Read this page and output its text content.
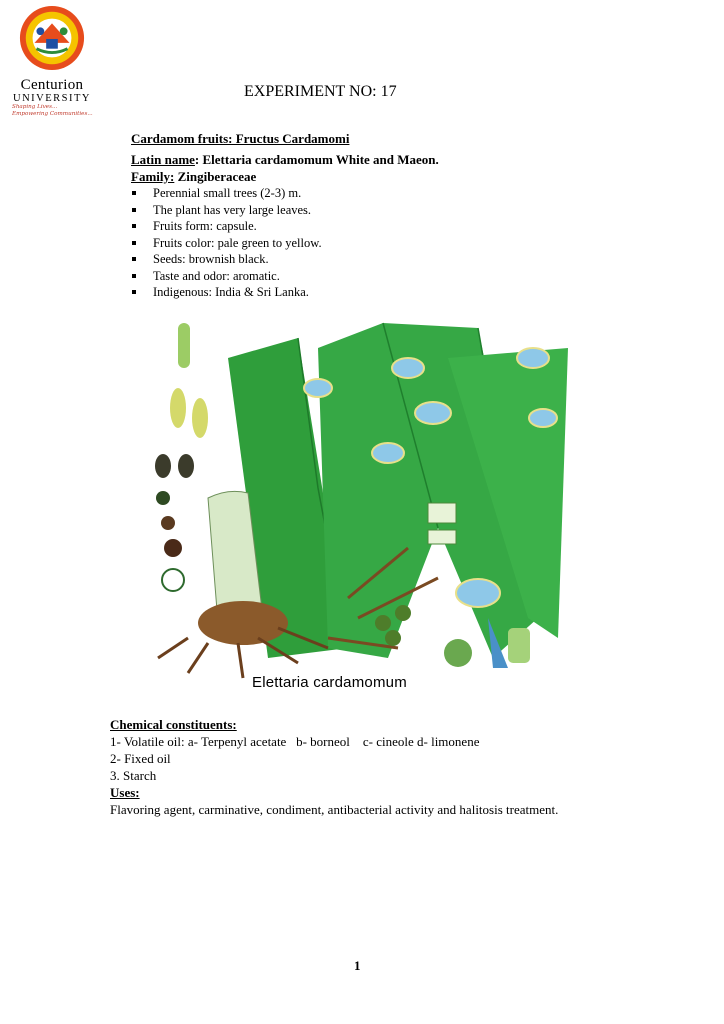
Centurion
UNIVERSITY
Shaping Lives...
Empowering Communities...
EXPERIMENT NO: 17
Cardamom fruits: Fructus Cardamomi
Latin name: Elettaria cardamomum White and Maeon.
Family: Zingiberaceae
Perennial small trees (2-3) m.
The plant has very large leaves.
Fruits form: capsule.
Fruits color: pale green to yellow.
Seeds: brownish black.
Taste and odor: aromatic.
Indigenous: India & Sri Lanka.
Elettaria cardamomum
Chemical constituents:
1- Volatile oil: a- Terpenyl acetate   b- borneol    c- cineole d- limonene
2- Fixed oil
3. Starch
Uses:
Flavoring agent, carminative, condiment, antibacterial activity and halitosis treatment.
1
